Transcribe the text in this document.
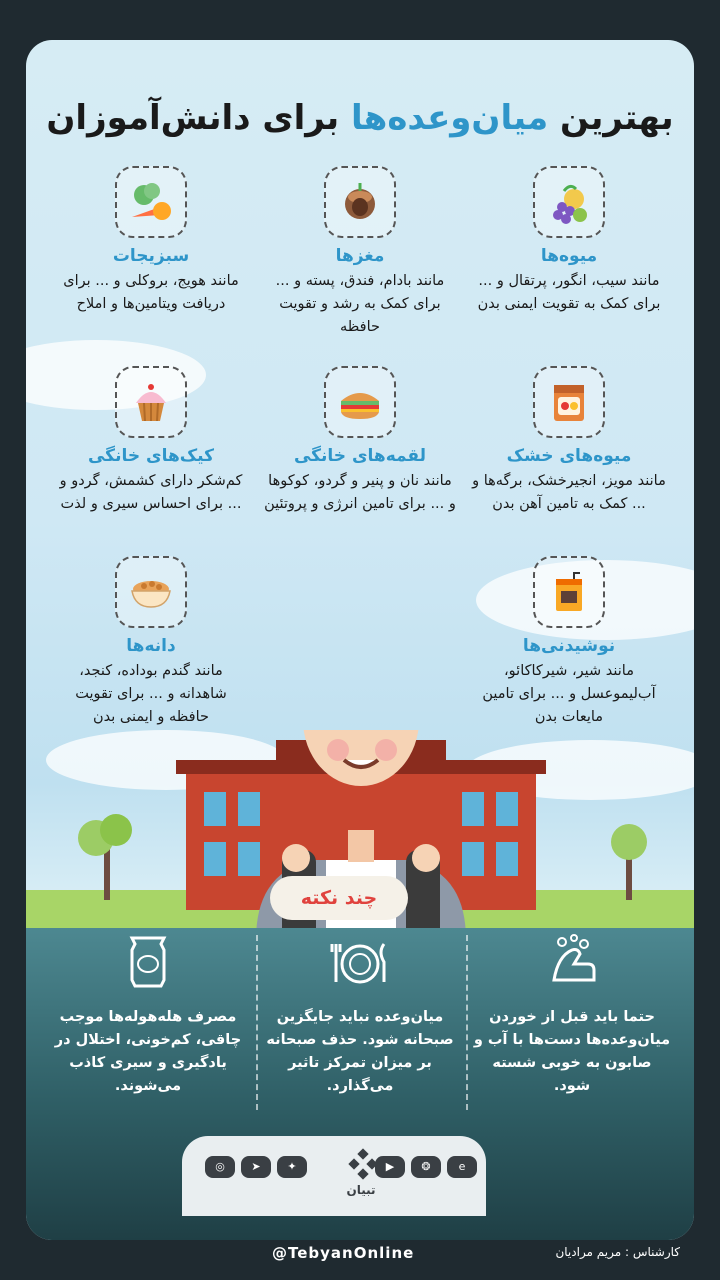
بهترین میان‌وعده‌ها برای دانش‌آموزان
میوه‌ها
مانند سیب، انگور، پرتقال و ... برای کمک به تقویت ایمنی بدن
مغزها
مانند بادام، فندق، پسته و ... برای کمک به رشد و تقویت حافظه
سبزیجات
مانند هویج، بروکلی و ... برای دریافت ویتامین‌ها و املاح
میوه‌های خشک
مانند مویز، انجیرخشک، برگه‌ها و ... کمک به تامین آهن بدن
لقمه‌های خانگی
مانند نان و پنیر و گردو، کوکوها و ... برای تامین انرژی و پروتئین
کیک‌های خانگی
کم‌شکر دارای کشمش، گردو و ... برای احساس سیری و لذت
نوشیدنی‌ها
مانند شیر، شیرکاکائو، آب‌لیموعسل و ... برای تامین مایعات بدن
دانه‌ها
مانند گندم بوداده، کنجد، شاهدانه و ... برای تقویت حافظه و ایمنی بدن
چند نکته
حتما باید قبل از خوردن میان‌وعده‌ها دست‌ها با آب و صابون به خوبی شسته شود.
میان‌وعده نباید جایگزین صبحانه شود. حذف صبحانه بر میزان تمرکز تاثیر می‌گذارد.
مصرف هله‌هوله‌ها موجب چاقی، کم‌خونی، اختلال در یادگیری و سیری کاذب می‌شوند.
◎	➤	✦	▶	❂	e
تبیان
@TebyanOnline	کارشناس : مریم مرادیان
